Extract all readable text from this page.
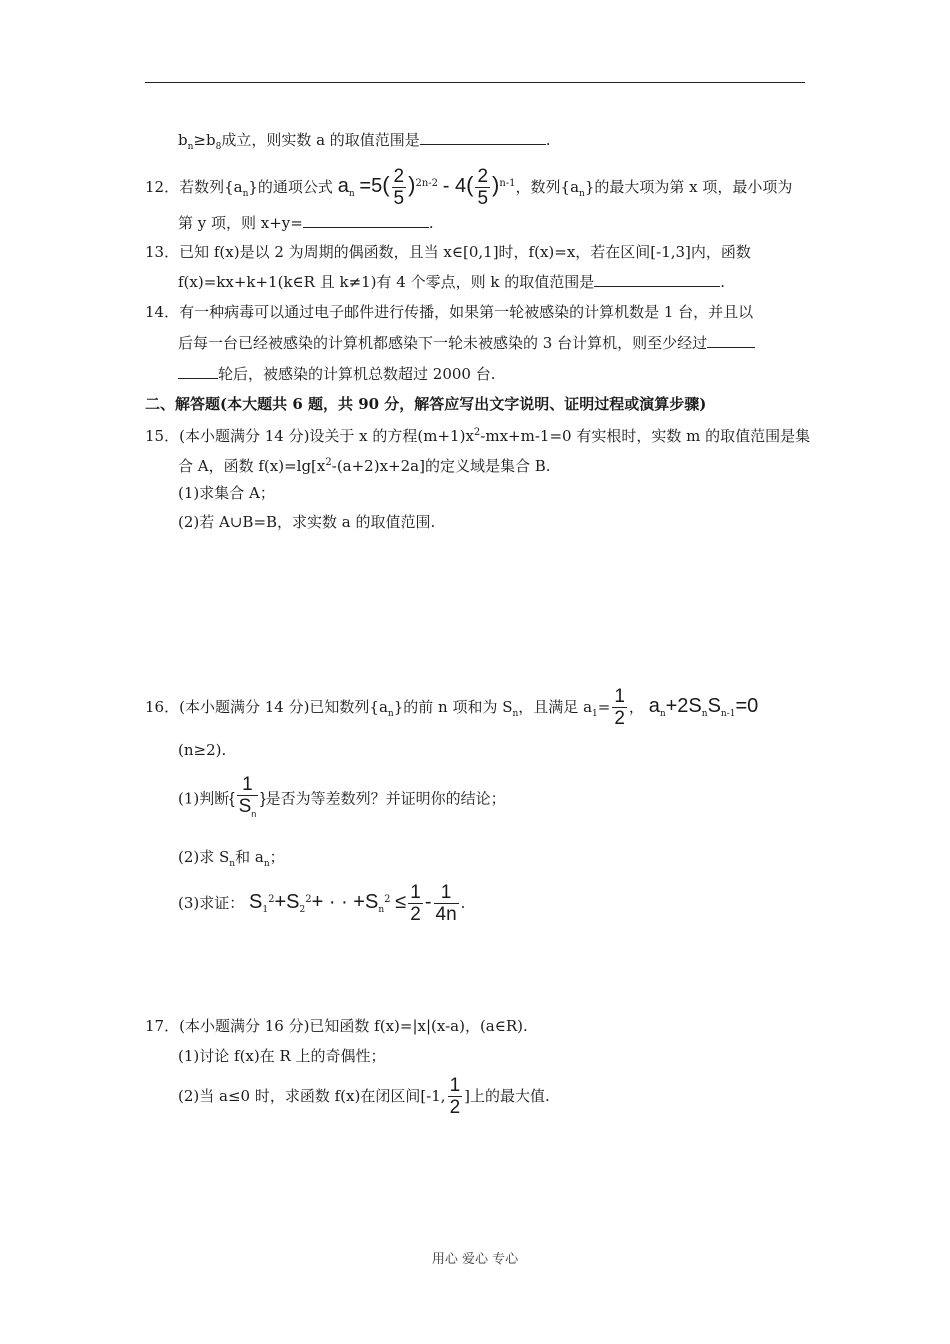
$b_n\ge b_8$成立，则实数 a 的取值范围是	.
12．若数列$\{a_n\}$的通项公式 $a_n =5( \frac{2}{5} )^{2n-2} - 4( \frac{2}{5} )^{n-1}$，数列$\{a_n\}$的最大项为第 x 项，最小项为
第 y 项，则 x+y=	.
13．已知 f(x)是以 2 为周期的偶函数，且当 x∈[0,1]时，f(x)=x，若在区间[-1,3]内，函数
f(x)=kx+k+1(k∈R 且 k≠1)有 4 个零点，则 k 的取值范围是	.
14．有一种病毒可以通过电子邮件进行传播，如果第一轮被感染的计算机数是 1 台，并且以
后每一台已经被感染的计算机都感染下一轮未被感染的 3 台计算机，则至少经过
轮后，被感染的计算机总数超过 2000 台.
二、解答题(本大题共 6 题，共 90 分，解答应写出文字说明、证明过程或演算步骤)
15．(本小题满分 14 分)设关于 x 的方程$(m+1)x^2-mx+m-1=0$ 有实根时，实数 m 的取值范围是集
合 A，函数 $f(x)=\lg[x^2-(a+2)x+2a]$的定义域是集合 B.
(1)求集合 A；
(2)若 A∪B=B，求实数 a 的取值范围.
16．(本小题满分 14 分)已知数列$\{a_n\}$的前 n 项和为 $S_n$，且满足 $a_1= \frac{1}{2}$ ， $a_n+2S_nS_{n-1}=0$
(n≥2).
(1)判断{ $\frac{1}{S_n}$ }是否为等差数列？并证明你的结论；
(2)求 $S_n$和 $a_n$；
(3)求证： $S_1^2+S_2^2+$ · · $+S_n^2 \le \frac{1}{2} - \frac{1}{4n}$ .
17．(本小题满分 16 分)已知函数 f(x)=|x|(x-a)，(a∈R).
(1)讨论 f(x)在 R 上的奇偶性；
(2)当 a≤0 时，求函数 f(x)在闭区间[-1, $\frac{1}{2}$ ]上的最大值.
用心 爱心 专心
